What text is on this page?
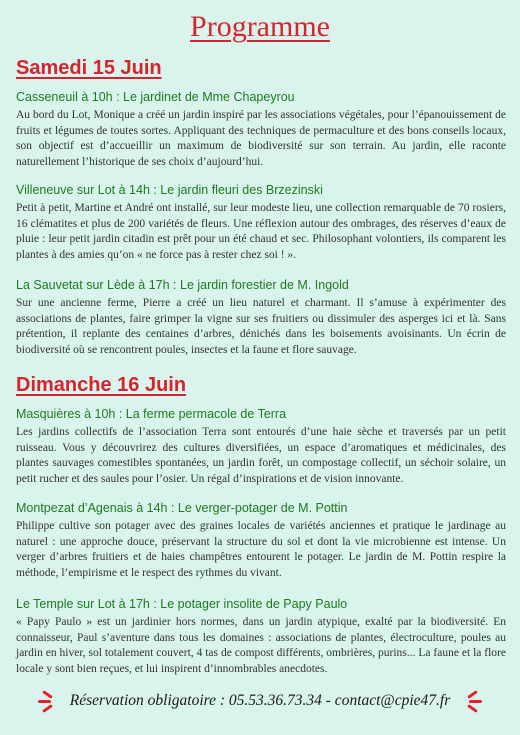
Programme
Samedi 15 Juin

Casseneuil à 10h : Le jardinet de Mme Chapeyrou

Au bord du Lot, Monique a créé un jardin inspiré par les associations végétales, pour l’épanouissement de fruits et légumes de toutes sortes. Appliquant des techniques de permaculture et des bons conseils locaux, son objectif est d’accueillir un maximum de biodiversité sur son terrain. Au jardin, elle raconte naturellement l’historique de ses choix d’aujourd’hui.

Villeneuve sur Lot à 14h : Le jardin fleuri des Brzezinski

Petit à petit, Martine et André ont installé, sur leur modeste lieu, une collection remarquable de 70 rosiers, 16 clématites et plus de 200 variétés de fleurs. Une réflexion autour des ombrages, des réserves d’eaux de pluie : leur petit jardin citadin est prêt pour un été chaud et sec. Philosophant volontiers, ils comparent les plantes à des amies qu’on « ne force pas à rester chez soi ! ».

La Sauvetat sur Lède à 17h : Le jardin forestier de M. Ingold

Sur une ancienne ferme, Pierre a créé un lieu naturel et charmant. Il s’amuse à expérimenter des associations de plantes, faire grimper la vigne sur ses fruitiers ou dissimuler des asperges ici et là. Sans prétention, il replante des centaines d’arbres, dénichés dans les boisements avoisinants. Un écrin de biodiversité où se rencontrent poules, insectes et la faune et flore sauvage.

Dimanche 16 Juin

Masquières à 10h : La ferme permacole de Terra

Les jardins collectifs de l’association Terra sont entourés d’une haie sèche et traversés par un petit ruisseau. Vous y découvrirez des cultures diversifiées, un espace d’aromatiques et médicinales, des plantes sauvages comestibles spontanées, un jardin forêt, un compostage collectif, un séchoir solaire, un petit rucher et des saules pour l’osier. Un régal d’inspirations et de vision innovante.

Montpezat d’Agenais à 14h : Le verger-potager de M. Pottin

Philippe cultive son potager avec des graines locales de variétés anciennes et pratique le jardinage au naturel : une approche douce, préservant la structure du sol et dont la vie microbienne est intense. Un verger d’arbres fruitiers et de haies champêtres entourent le potager. Le jardin de M. Pottin respire la méthode, l’empirisme et le respect des rythmes du vivant.

Le Temple sur Lot à 17h : Le potager insolite de Papy Paulo

« Papy Paulo » est un jardinier hors normes, dans un jardin atypique, exalté par la biodiversité. En connaisseur, Paul s’aventure dans tous les domaines : associations de plantes, électroculture, poules au jardin en hiver, sol totalement couvert, 4 tas de compost différents, ombrières, purins... La faune et la flore locale y sont bien reçues, et lui inspirent d’innombrables anecdotes.

Réservation obligatoire : 05.53.36.73.34 - contact@cpie47.fr
